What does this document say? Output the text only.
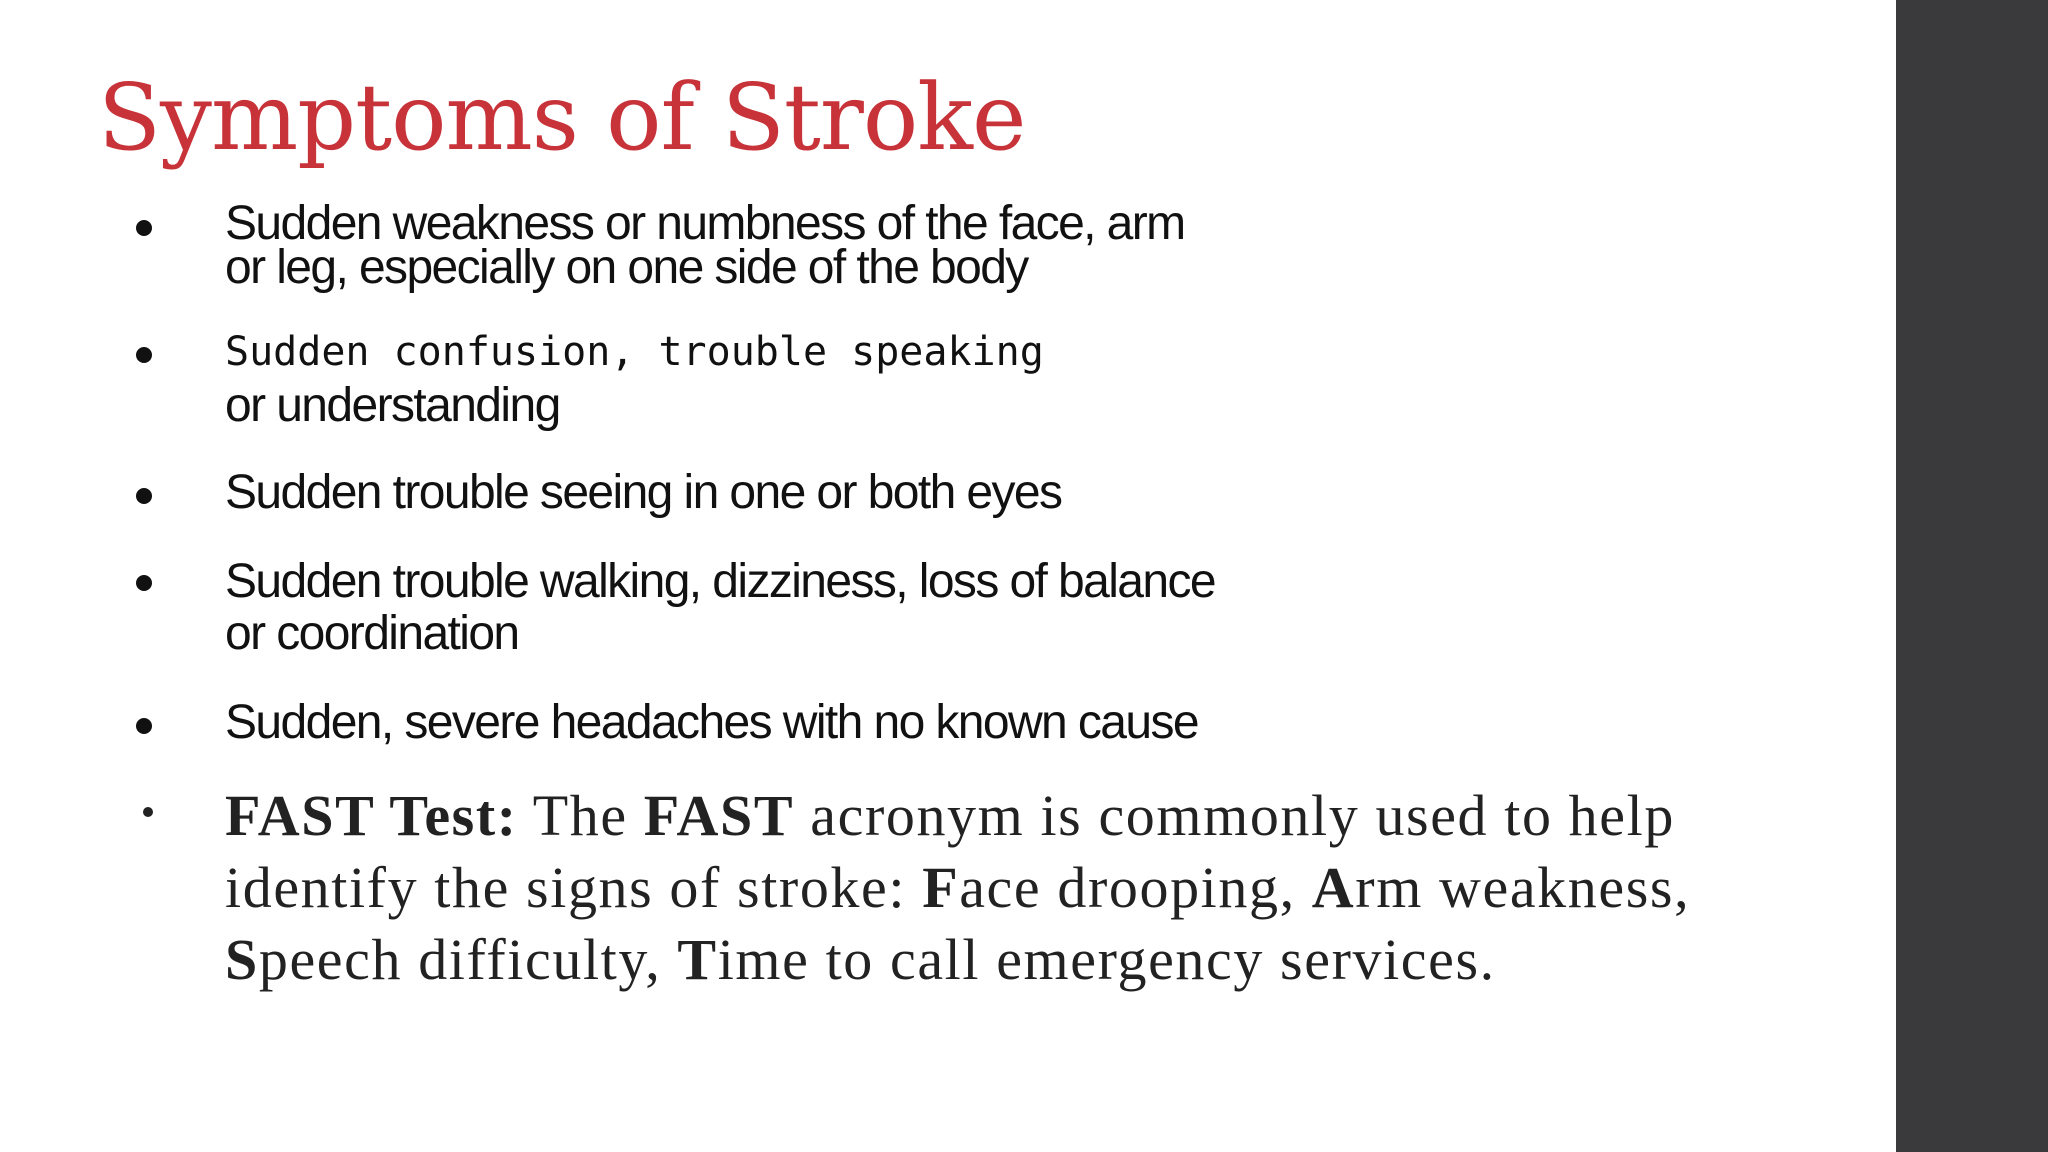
Symptoms of Stroke
Sudden weakness or numbness of the face, arm
or leg, especially on one side of the body
Sudden confusion, trouble speaking
or understanding
Sudden trouble seeing in one or both eyes
Sudden trouble walking, dizziness, loss of balance
or coordination
Sudden, severe headaches with no known cause
FAST Test: The FAST acronym is commonly used to help identify the signs of stroke: Face drooping, Arm weakness, Speech difficulty, Time to call emergency services.
